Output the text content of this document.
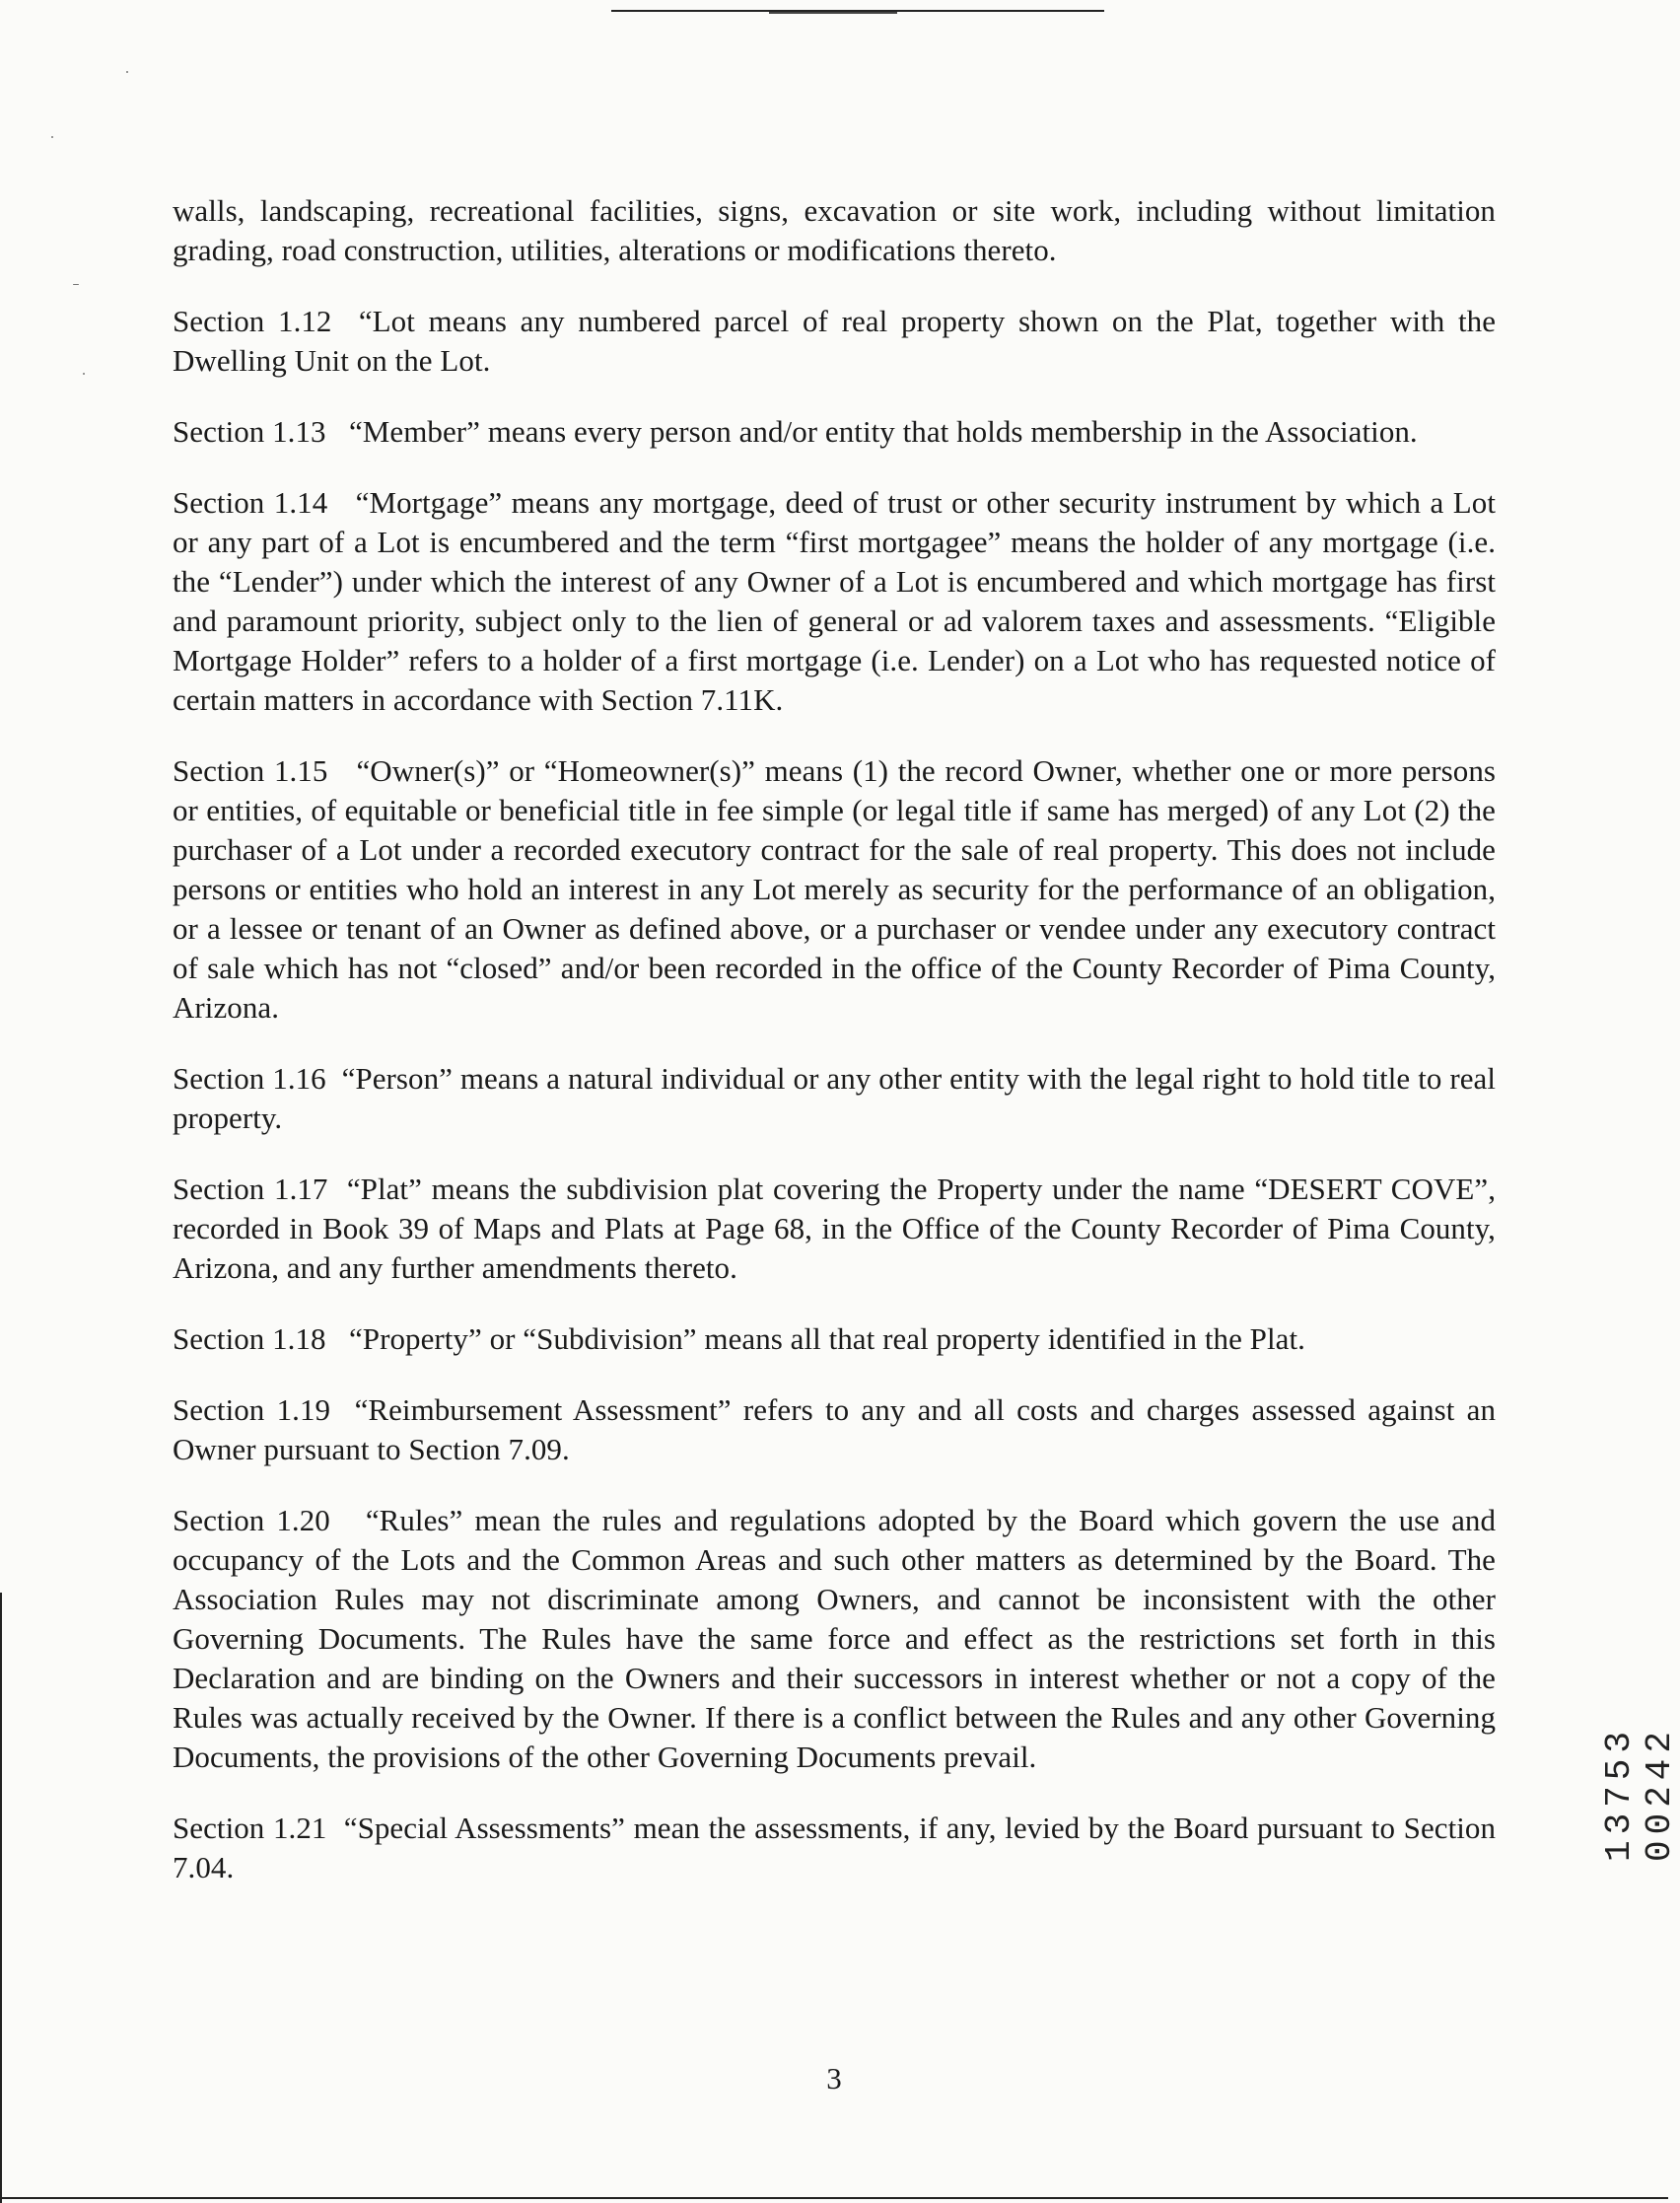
walls, landscaping, recreational facilities, signs, excavation or site work, including without limitation grading, road construction, utilities, alterations or modifications thereto.

Section 1.12  “Lot means any numbered parcel of real property shown on the Plat, together with the Dwelling Unit on the Lot.

Section 1.13   “Member” means every person and/or entity that holds membership in the Association.

Section 1.14   “Mortgage” means any mortgage, deed of trust or other security instrument by which a Lot or any part of a Lot is encumbered and the term “first mortgagee” means the holder of any mortgage (i.e. the “Lender”) under which the interest of any Owner of a Lot is encumbered and which mortgage has first and paramount priority, subject only to the lien of general or ad valorem taxes and assessments. “Eligible Mortgage Holder” refers to a holder of a first mortgage (i.e. Lender) on a Lot who has requested notice of certain matters in accordance with Section 7.11K.

Section 1.15   “Owner(s)” or “Homeowner(s)” means (1) the record Owner, whether one or more persons or entities, of equitable or beneficial title in fee simple (or legal title if same has merged) of any Lot (2) the purchaser of a Lot under a recorded executory contract for the sale of real property. This does not include persons or entities who hold an interest in any Lot merely as security for the performance of an obligation, or a lessee or tenant of an Owner as defined above, or a purchaser or vendee under any executory contract of sale which has not “closed” and/or been recorded in the office of the County Recorder of Pima County, Arizona.

Section 1.16  “Person” means a natural individual or any other entity with the legal right to hold title to real property.

Section 1.17  “Plat” means the subdivision plat covering the Property under the name “DESERT COVE”, recorded in Book 39 of Maps and Plats at Page 68, in the Office of the County Recorder of Pima County, Arizona, and any further amendments thereto.

Section 1.18   “Property” or “Subdivision” means all that real property identified in the Plat.

Section 1.19  “Reimbursement Assessment” refers to any and all costs and charges assessed against an Owner pursuant to Section 7.09.

Section 1.20   “Rules” mean the rules and regulations adopted by the Board which govern the use and occupancy of the Lots and the Common Areas and such other matters as determined by the Board. The Association Rules may not discriminate among Owners, and cannot be inconsistent with the other Governing Documents. The Rules have the same force and effect as the restrictions set forth in this Declaration and are binding on the Owners and their successors in interest whether or not a copy of the Rules was actually received by the Owner. If there is a conflict between the Rules and any other Governing Documents, the provisions of the other Governing Documents prevail.

Section 1.21  “Special Assessments” mean the assessments, if any, levied by the Board pursuant to Section 7.04.

13753 00242
3
